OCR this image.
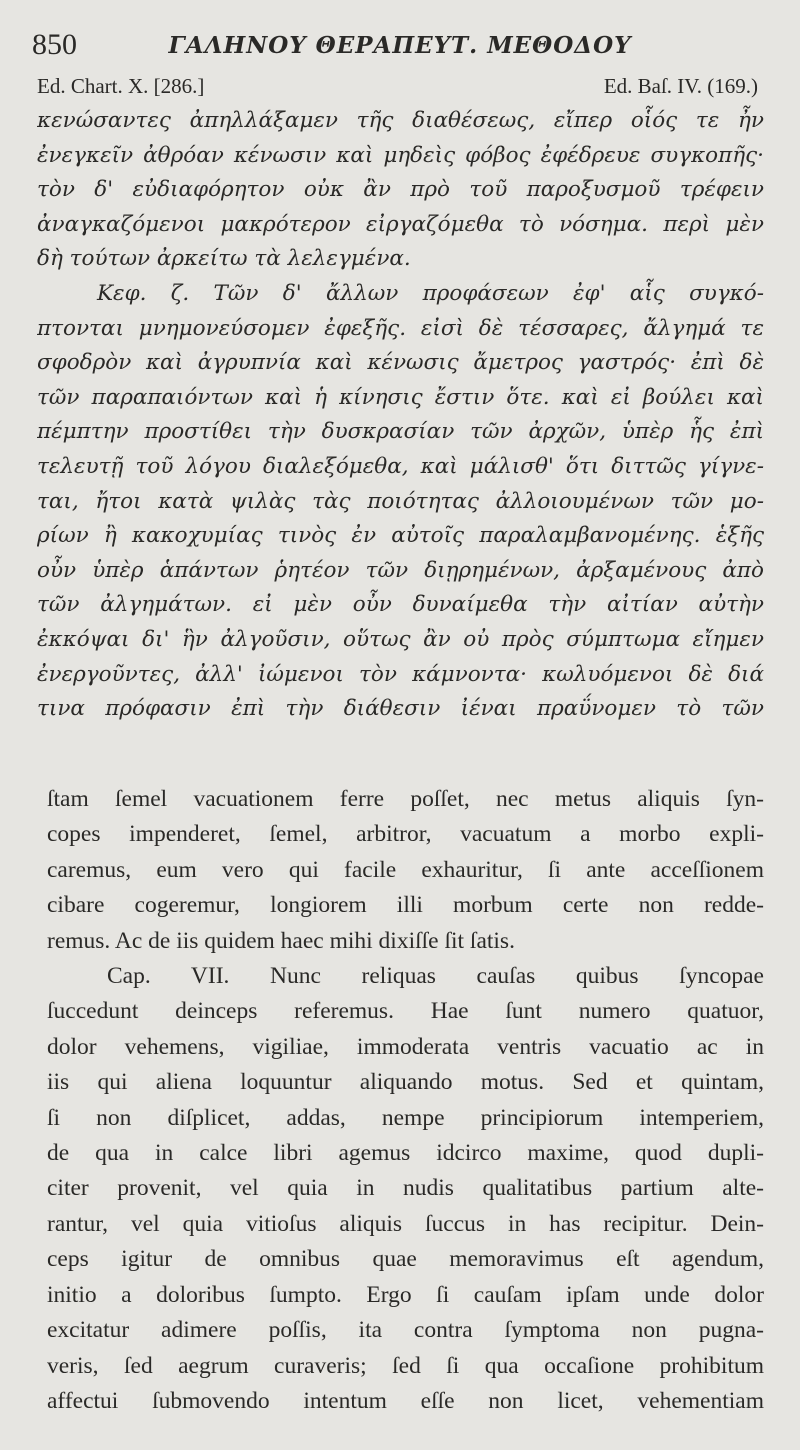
850	ΓΑΛΗΝΟΥ ΘΕΡΑΠΕΥΤ. ΜΕΘΟΔΟΥ
Ed. Chart. X. [286.]	Ed. Baſ. IV. (169.)
κενώσαντες ἀπηλλάξαμεν τῆς διαθέσεως, εἴπερ οἷός τε ἦν
ἐνεγκεῖν ἀθρόαν κένωσιν καὶ μηδεὶς φόβος ἐφέδρευε συγκοπῆς·
τὸν δ' εὐδιαφόρητον οὐκ ἂν πρὸ τοῦ παροξυσμοῦ τρέφειν
ἀναγκαζόμενοι μακρότερον εἰργαζόμεθα τὸ νόσημα. περὶ μὲν
δὴ τούτων ἀρκείτω τὰ λελεγμένα.
Κεφ. ζ. Τῶν δ' ἄλλων προφάσεων ἐφ' αἷς συγκό-
πτονται μνημονεύσομεν ἐφεξῆς. εἰσὶ δὲ τέσσαρες, ἄλγημά τε
σφοδρὸν καὶ ἀγρυπνία καὶ κένωσις ἄμετρος γαστρός· ἐπὶ δὲ
τῶν παραπαιόντων καὶ ἡ κίνησις ἔστιν ὅτε. καὶ εἰ βούλει καὶ
πέμπτην προστίθει τὴν δυσκρασίαν τῶν ἀρχῶν, ὑπὲρ ἧς ἐπὶ
τελευτῇ τοῦ λόγου διαλεξόμεθα, καὶ μάλισθ' ὅτι διττῶς γίγνε-
ται, ἤτοι κατὰ ψιλὰς τὰς ποιότητας ἀλλοιουμένων τῶν μο-
ρίων ἢ κακοχυμίας τινὸς ἐν αὐτοῖς παραλαμβανομένης. ἑξῆς
οὖν ὑπὲρ ἁπάντων ῥητέον τῶν διῃρημένων, ἀρξαμένους ἀπὸ
τῶν ἀλγημάτων. εἰ μὲν οὖν δυναίμεθα τὴν αἰτίαν αὐτὴν
ἐκκόψαι δι' ἣν ἀλγοῦσιν, οὕτως ἂν οὐ πρὸς σύμπτωμα εἴημεν
ἐνεργοῦντες, ἀλλ' ἰώμενοι τὸν κάμνοντα· κωλυόμενοι δὲ διά
τινα πρόφασιν ἐπὶ τὴν διάθεσιν ἰέναι πραΰνομεν τὸ τῶν
ſtam ſemel vacuationem ferre poſſet, nec metus aliquis ſyn-
copes impenderet, ſemel, arbitror, vacuatum a morbo expli-
caremus, eum vero qui facile exhauritur, ſi ante acceſſionem
cibare cogeremur, longiorem illi morbum certe non redde-
remus. Ac de iis quidem haec mihi dixiſſe ſit ſatis.
Cap. VII. Nunc reliquas cauſas quibus ſyncopae
ſuccedunt deinceps referemus. Hae ſunt numero quatuor,
dolor vehemens, vigiliae, immoderata ventris vacuatio ac in
iis qui aliena loquuntur aliquando motus. Sed et quintam,
ſi non diſplicet, addas, nempe principiorum intemperiem,
de qua in calce libri agemus idcirco maxime, quod dupli-
citer provenit, vel quia in nudis qualitatibus partium alte-
rantur, vel quia vitioſus aliquis ſuccus in has recipitur. Dein-
ceps igitur de omnibus quae memoravimus eſt agendum,
initio a doloribus ſumpto. Ergo ſi cauſam ipſam unde dolor
excitatur adimere poſſis, ita contra ſymptoma non pugna-
veris, ſed aegrum curaveris; ſed ſi qua occaſione prohibitum
affectui ſubmovendo intentum eſſe non licet, vehementiam
